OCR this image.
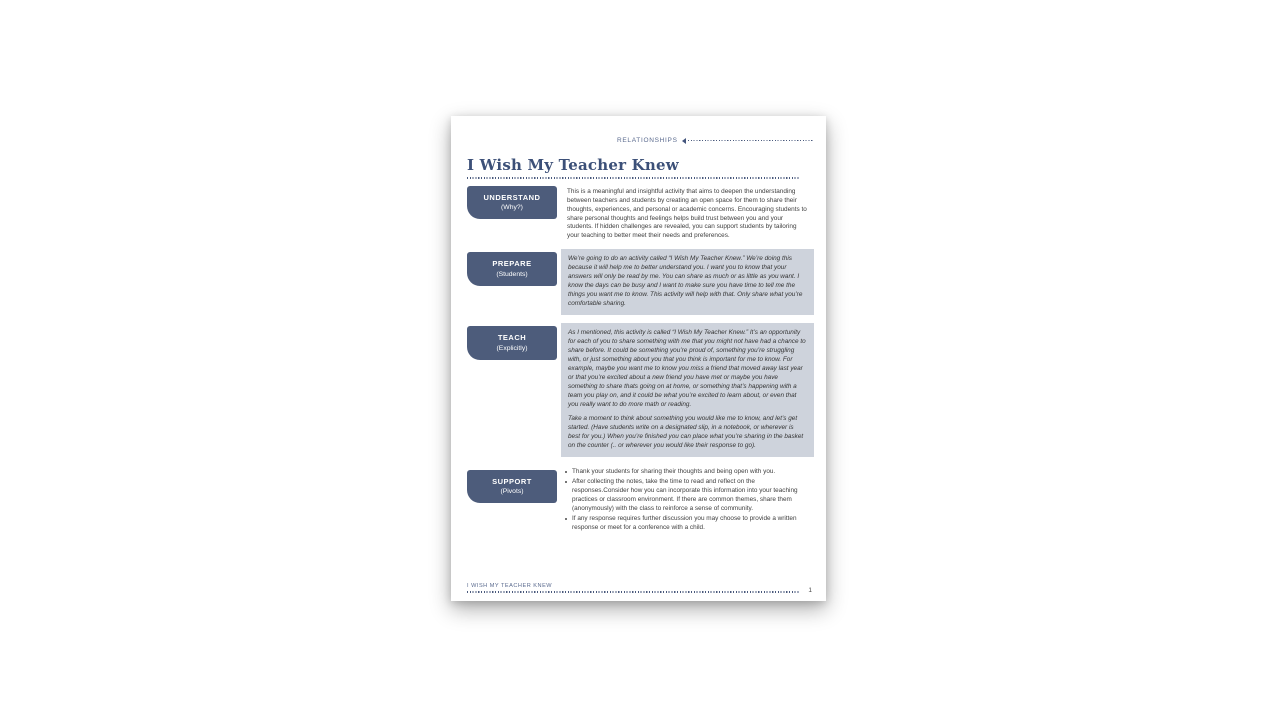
RELATIONSHIPS
I Wish My Teacher Knew
UNDERSTAND
(Why?)

This is a meaningful and insightful activity that aims to deepen the understanding between teachers and students by creating an open space for them to share their thoughts, experiences, and personal or academic concerns. Encouraging students to share personal thoughts and feelings helps build trust between you and your students. If hidden challenges are revealed, you can support students by tailoring your teaching to better meet their needs and preferences.

PREPARE
(Students)

We’re going to do an activity called “I Wish My Teacher Knew.” We’re doing this because it will help me to better understand you. I want you to know that your answers will only be read by me. You can share as much or as little as you want. I know the days can be busy and I want to make sure you have time to tell me the things you want me to know. This activity will help with that. Only share what you’re comfortable sharing.

TEACH
(Explicitly)

As I mentioned, this activity is called “I Wish My Teacher Knew.” It’s an opportunity for each of you to share something with me that you might not have had a chance to share before. It could be something you’re proud of, something you’re struggling with, or just something about you that you think is important for me to know. For example, maybe you want me to know you miss a friend that moved away last year or that you’re excited about a new friend you have met or maybe you have something to share thats going on at home, or something that’s happening with a team you play on, and it could be what you’re excited to learn about, or even that you really want to do more math or reading.

Take a moment to think about something you would like me to know, and let’s get started. (Have students write on a designated slip, in a notebook, or wherever is best for you.) When you’re finished you can place what you’re sharing in the basket on the counter (.. or wherever you would like their response to go).

SUPPORT
(Pivots)
Thank your students for sharing their thoughts and being open with you.
After collecting the notes, take the time to read and reflect on the responses.Consider how you can incorporate this information into your teaching practices or classroom environment. If there are common themes, share them (anonymously) with the class to reinforce a sense of community.
If any response requires further discussion you may choose to provide a written response or meet for a conference with a child.
I WISH MY TEACHER KNEW
1
